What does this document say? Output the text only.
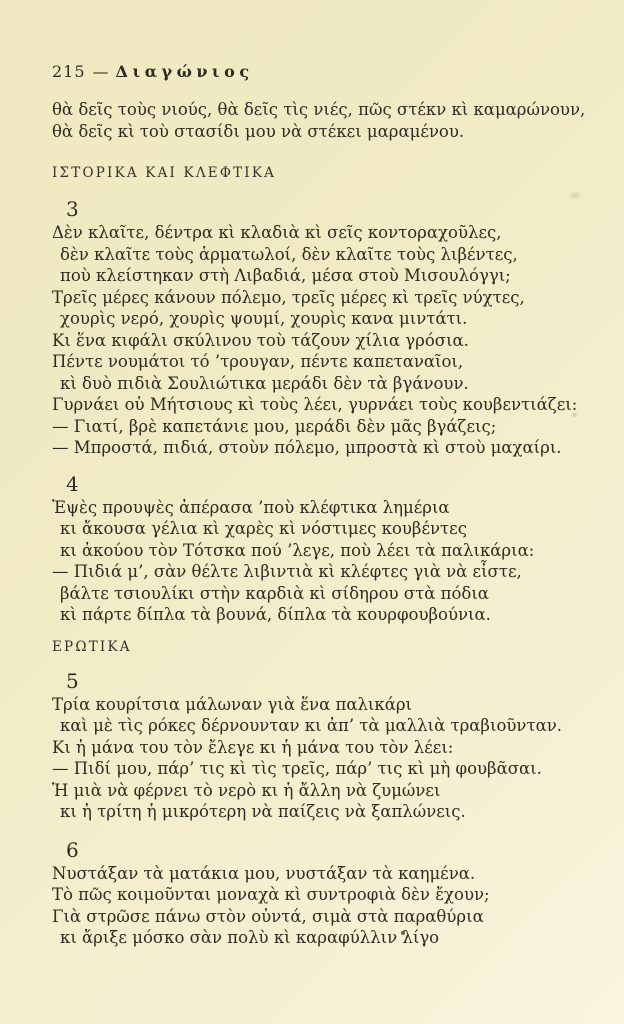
215 — Διαγώνιος
θὰ δεῖς τοὺς νιούς, θὰ δεῖς τὶς νιές, πῶς στέκν κὶ καμαρώνουν,
θὰ δεῖς κὶ τοὺ στασίδι μου νὰ στέκει μαραμένου.
ΙΣΤΟΡΙΚΑ ΚΑΙ ΚΛΕΦΤΙΚΑ
3
Δὲν κλαῖτε, δέντρα κὶ κλαδιὰ κὶ σεῖς κοντοραχοῦλες,
δὲν κλαῖτε τοὺς ἁρματωλοί, δὲν κλαῖτε τοὺς λιβέντες,
ποὺ κλείστηκαν στὴ Λιβαδιά, μέσα στοὺ Μισουλόγγι;
Τρεῖς μέρες κάνουν πόλεμο, τρεῖς μέρες κὶ τρεῖς νύχτες,
χουρὶς νερό, χουρὶς ψουμί, χουρὶς κανα μιντάτι.
Κι ἕνα κιφάλι σκύλινου τοὺ τάζουν χίλια γρόσια.
Πέντε νουμάτοι τό ’τρουγαν, πέντε καπεταναῖοι,
κὶ δυὸ πιδιὰ Σουλιώτικα μεράδι δὲν τὰ βγάνουν.
Γυρνάει οὑ Μήτσιους κὶ τοὺς λέει, γυρνάει τοὺς κουβεντιάζει:
— Γιατί, βρὲ καπετάνιε μου, μεράδι δὲν μᾶς βγάζεις;
— Μπροστά, πιδιά, στοὺν πόλεμο, μπροστὰ κὶ στοὺ μαχαίρι.
4
Ἐψὲς προυψὲς ἀπέρασα ’ποὺ κλέφτικα λημέρια
κι ἄκουσα γέλια κὶ χαρὲς κὶ νόστιμες κουβέντες
κι ἀκούου τὸν Τότσκα πού ’λεγε, ποὺ λέει τὰ παλικάρια:
— Πιδιά μ’, σὰν θέλτε λιβιντιὰ κὶ κλέφτες γιὰ νὰ εἶστε,
βάλτε τσιουλίκι στὴν καρδιὰ κὶ σίδηρου στὰ πόδια
κὶ πάρτε δίπλα τὰ βουνά, δίπλα τὰ κουρφουβούνια.
ΕΡΩΤΙΚΑ
5
Τρία κουρίτσια μάλωναν γιὰ ἕνα παλικάρι
καὶ μὲ τὶς ρόκες δέρνουνταν κι ἀπ’ τὰ μαλλιὰ τραβιοῦνταν.
Κι ἡ μάνα του τὸν ἔλεγε κι ἡ μάνα του τὸν λέει:
— Πιδί μου, πάρ’ τις κὶ τὶς τρεῖς, πάρ’ τις κὶ μὴ φουβᾶσαι.
Ἡ μιὰ νὰ φέρνει τὸ νερὸ κι ἡ ἄλλη νὰ ζυμώνει
κι ἡ τρίτη ἡ μικρότερη νὰ παίζεις νὰ ξαπλώνεις.
6
Νυστάξαν τὰ ματάκια μου, νυστάξαν τὰ καημένα.
Τὸ πῶς κοιμοῦνται μοναχὰ κὶ συντροφιὰ δὲν ἔχουν;
Γιὰ στρῶσε πάνω στὸν οὐντά, σιμὰ στὰ παραθύρια
κι ἄριξε μόσκο σὰν πολὺ κὶ καραφύλλιν λίγο
